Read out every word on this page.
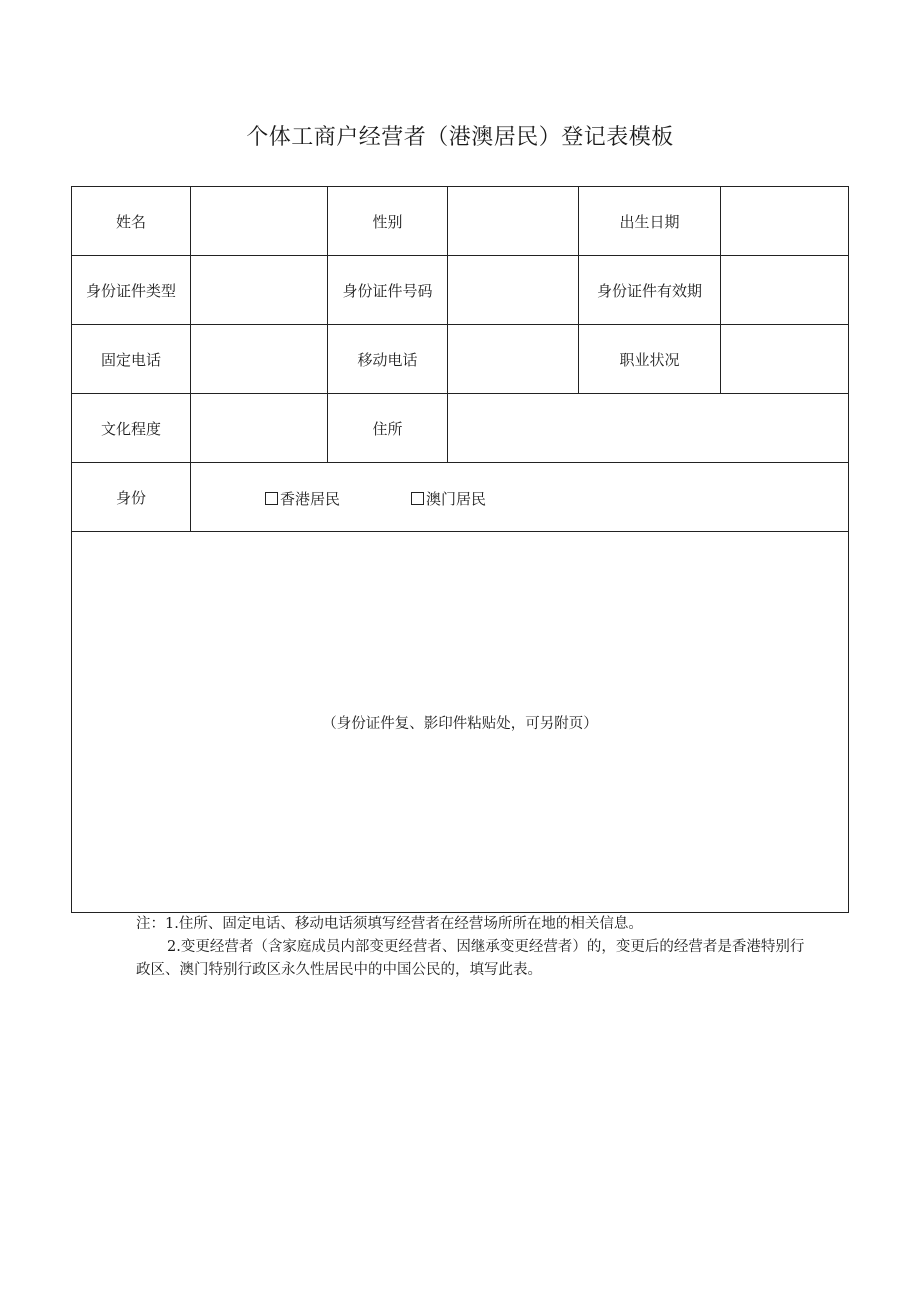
个体工商户经营者（港澳居民）登记表模板
姓名		性别		出生日期	
身份证件类型		身份证件号码		身份证件有效期	
固定电话		移动电话		职业状况	
文化程度		住所			
身份	香港居民 澳门居民				

（身份证件复、影印件粘贴处，可另附页）					
注：1.住所、固定电话、移动电话须填写经营者在经营场所所在地的相关信息。
2.变更经营者（含家庭成员内部变更经营者、因继承变更经营者）的，变更后的经营者是香港特别行
政区、澳门特别行政区永久性居民中的中国公民的，填写此表。
